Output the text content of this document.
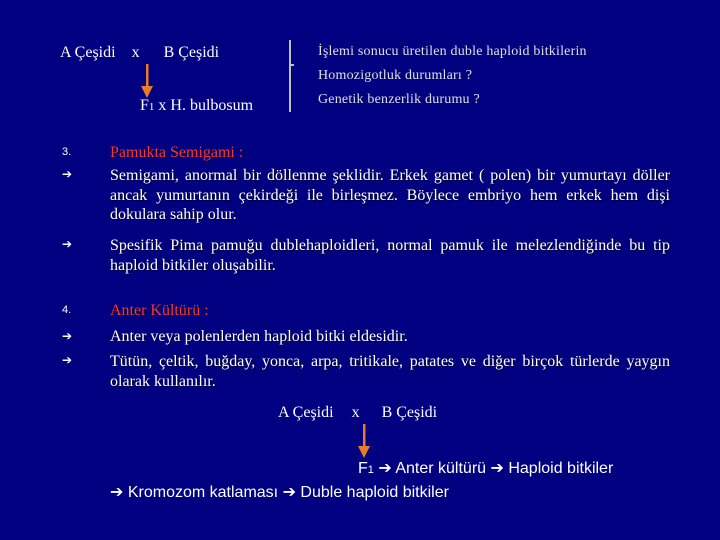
A Çeşidi x B Çeşidi
F1 x H. bulbosum
İşlemi sonucu üretilen duble haploid bitkilerin
Homozigotluk durumları ?
Genetik benzerlik durumu ?
3. Pamukta Semigami :
➔ Semigami, anormal bir döllenme şeklidir. Erkek gamet ( polen) bir yumurtayı döller ancak yumurtanın çekirdeği ile birleşmez. Böylece embriyo hem erkek hem dişi dokulara sahip olur.
➔ Spesifik Pima pamuğu dublehaploidleri, normal pamuk ile melezlendiğinde bu tip haploid bitkiler oluşabilir.
4. Anter Kültürü :
➔ Anter veya polenlerden haploid bitki eldesidir.
➔ Tütün, çeltik, buğday, yonca, arpa, tritikale, patates ve diğer birçok türlerde yaygın olarak kullanılır.
A Çeşidi x B Çeşidi
F1 ➔ Anter kültürü ➔ Haploid bitkiler
➔ Kromozom katlaması ➔ Duble haploid bitkiler
